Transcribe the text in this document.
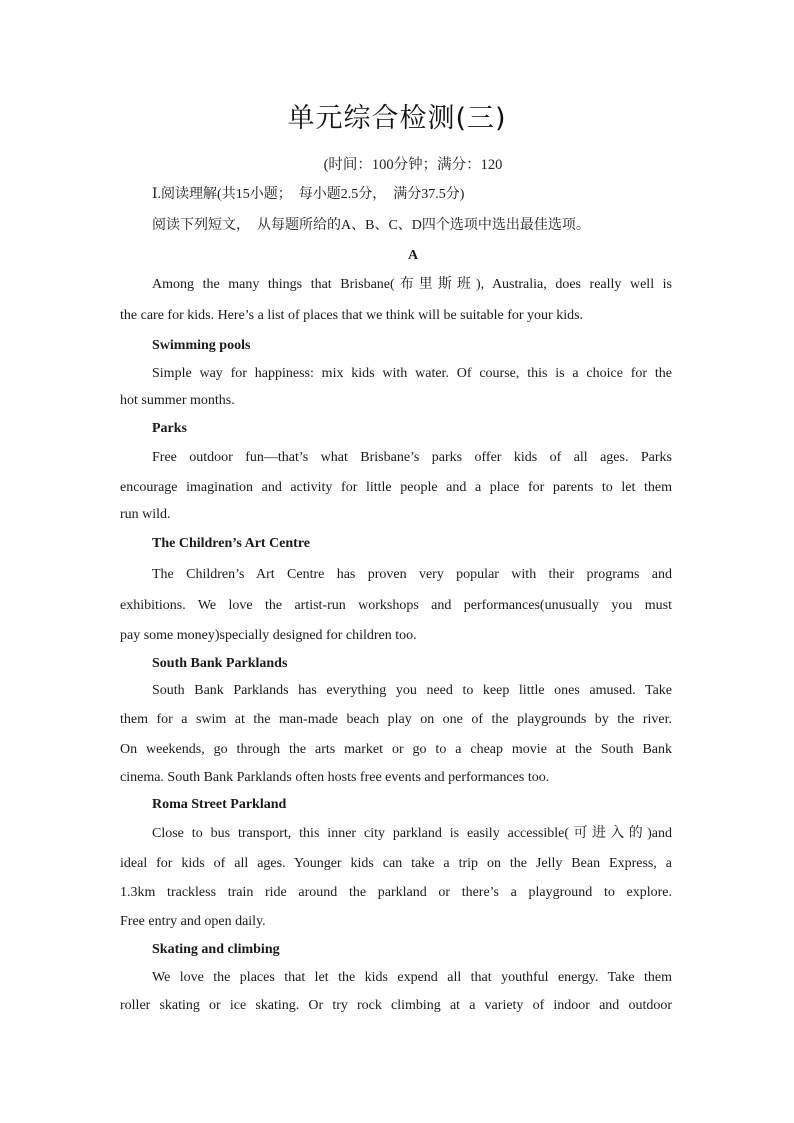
单元综合检测(三)
(时间：100分钟；满分：120
Ⅰ.阅读理解(共15小题；　每小题2.5分，　满分37.5分)
阅读下列短文，　从每题所给的A、B、C、D四个选项中选出最佳选项。
A
Among the many things that Brisbane(布里斯班), Australia, does really well is
the care for kids. Here’s a list of places that we think will be suitable for your kids.
Swimming pools
Simple way for happiness: mix kids with water. Of course, this is a choice for the
hot summer months.
Parks
Free outdoor fun—that’s what Brisbane’s parks offer kids of all ages. Parks
encourage imagination and activity for little people and a place for parents to let them
run wild.
The Children’s Art Centre
The Children’s Art Centre has proven very popular with their programs and
exhibitions. We love the artist-run workshops and performances(unusually you must
pay some money)specially designed for children too.
South Bank Parklands
South Bank Parklands has everything you need to keep little ones amused. Take
them for a swim at the man-made beach play on one of the playgrounds by the river.
On weekends, go through the arts market or go to a cheap movie at the South Bank
cinema. South Bank Parklands often hosts free events and performances too.
Roma Street Parkland
Close to bus transport, this inner city parkland is easily accessible(可进入的)and
ideal for kids of all ages. Younger kids can take a trip on the Jelly Bean Express, a
1.3km trackless train ride around the parkland or there’s a playground to explore.
Free entry and open daily.
Skating and climbing
We love the places that let the kids expend all that youthful energy. Take them
roller skating or ice skating. Or try rock climbing at a variety of indoor and outdoor
